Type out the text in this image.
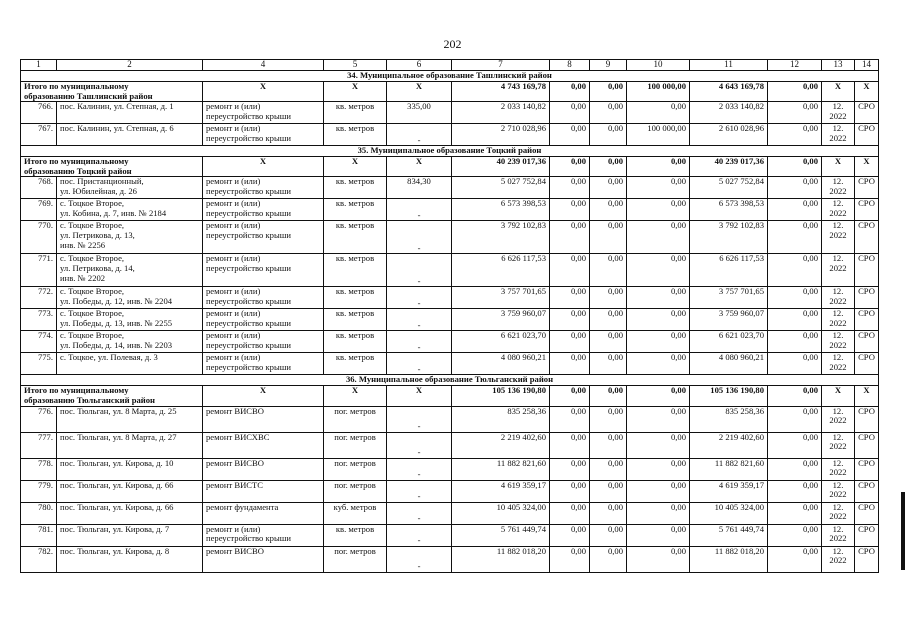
202
1	2	4	5	6	7	8	9	10	11	12	13	14
34. Муниципальное образование Ташлинский район												

Итого по муниципальному
образованию Ташлинский район		Х	Х	Х	4 743 169,78	0,00	0,00	100 000,00	4 643 169,78	0,00	Х	Х
766.	пос. Калинин, ул. Степная, д. 1	ремонт и (или)
переустройство крыши	кв. метров	335,00	2 033 140,82	0,00	0,00	0,00	2 033 140,82	0,00	12.
2022	СРО
767.	пос. Калинин, ул. Степная, д. 6	ремонт и (или)
переустройство крыши	кв. метров	-	2 710 028,96	0,00	0,00	100 000,00	2 610 028,96	0,00	12.
2022	СРО
35. Муниципальное образование Тоцкий район												

Итого по муниципальному
образованию Тоцкий район		Х	Х	Х	40 239 017,36	0,00	0,00	0,00	40 239 017,36	0,00	Х	Х
768.	пос. Пристанционный,
ул. Юбилейная, д. 26	ремонт и (или)
переустройство крыши	кв. метров	834,30	5 027 752,84	0,00	0,00	0,00	5 027 752,84	0,00	12.
2022	СРО
769.	с. Тоцкое Второе,
ул. Кобина, д. 7, инв. № 2184	ремонт и (или)
переустройство крыши	кв. метров	-	6 573 398,53	0,00	0,00	0,00	6 573 398,53	0,00	12.
2022	СРО
770.	с. Тоцкое Второе,
ул. Петрикова, д. 13,
инв. № 2256	ремонт и (или)
переустройство крыши	кв. метров	-	3 792 102,83	0,00	0,00	0,00	3 792 102,83	0,00	12.
2022	СРО
771.	с. Тоцкое Второе,
ул. Петрикова, д. 14,
инв. № 2202	ремонт и (или)
переустройство крыши	кв. метров	-	6 626 117,53	0,00	0,00	0,00	6 626 117,53	0,00	12.
2022	СРО
772.	с. Тоцкое Второе,
ул. Победы, д. 12, инв. № 2204	ремонт и (или)
переустройство крыши	кв. метров	-	3 757 701,65	0,00	0,00	0,00	3 757 701,65	0,00	12.
2022	СРО
773.	с. Тоцкое Второе,
ул. Победы, д. 13, инв. № 2255	ремонт и (или)
переустройство крыши	кв. метров	-	3 759 960,07	0,00	0,00	0,00	3 759 960,07	0,00	12.
2022	СРО
774.	с. Тоцкое Второе,
ул. Победы, д. 14, инв. № 2203	ремонт и (или)
переустройство крыши	кв. метров	-	6 621 023,70	0,00	0,00	0,00	6 621 023,70	0,00	12.
2022	СРО
775.	с. Тоцкое, ул. Полевая, д. 3	ремонт и (или)
переустройство крыши	кв. метров	-	4 080 960,21	0,00	0,00	0,00	4 080 960,21	0,00	12.
2022	СРО
36. Муниципальное образование Тюльганский район												

Итого по муниципальному
образованию Тюльганский район		Х	Х	Х	105 136 190,80	0,00	0,00	0,00	105 136 190,80	0,00	Х	Х
776.	пос. Тюльган, ул. 8 Марта, д. 25	ремонт ВИСВО	пог. метров	-	835 258,36	0,00	0,00	0,00	835 258,36	0,00	12.
2022	СРО
777.	пос. Тюльган, ул. 8 Марта, д. 27	ремонт ВИСХВС	пог. метров	-	2 219 402,60	0,00	0,00	0,00	2 219 402,60	0,00	12.
2022	СРО
778.	пос. Тюльган, ул. Кирова, д. 10	ремонт ВИСВО	пог. метров	-	11 882 821,60	0,00	0,00	0,00	11 882 821,60	0,00	12.
2022	СРО
779.	пос. Тюльган, ул. Кирова, д. 66	ремонт ВИСТС	пог. метров	-	4 619 359,17	0,00	0,00	0,00	4 619 359,17	0,00	12.
2022	СРО
780.	пос. Тюльган, ул. Кирова, д. 66	ремонт фундамента	куб. метров	-	10 405 324,00	0,00	0,00	0,00	10 405 324,00	0,00	12.
2022	СРО
781.	пос. Тюльган, ул. Кирова, д. 7	ремонт и (или)
переустройство крыши	кв. метров	-	5 761 449,74	0,00	0,00	0,00	5 761 449,74	0,00	12.
2022	СРО
782.	пос. Тюльган, ул. Кирова, д. 8	ремонт ВИСВО	пог. метров	-	11 882 018,20	0,00	0,00	0,00	11 882 018,20	0,00	12.
2022	СРО
